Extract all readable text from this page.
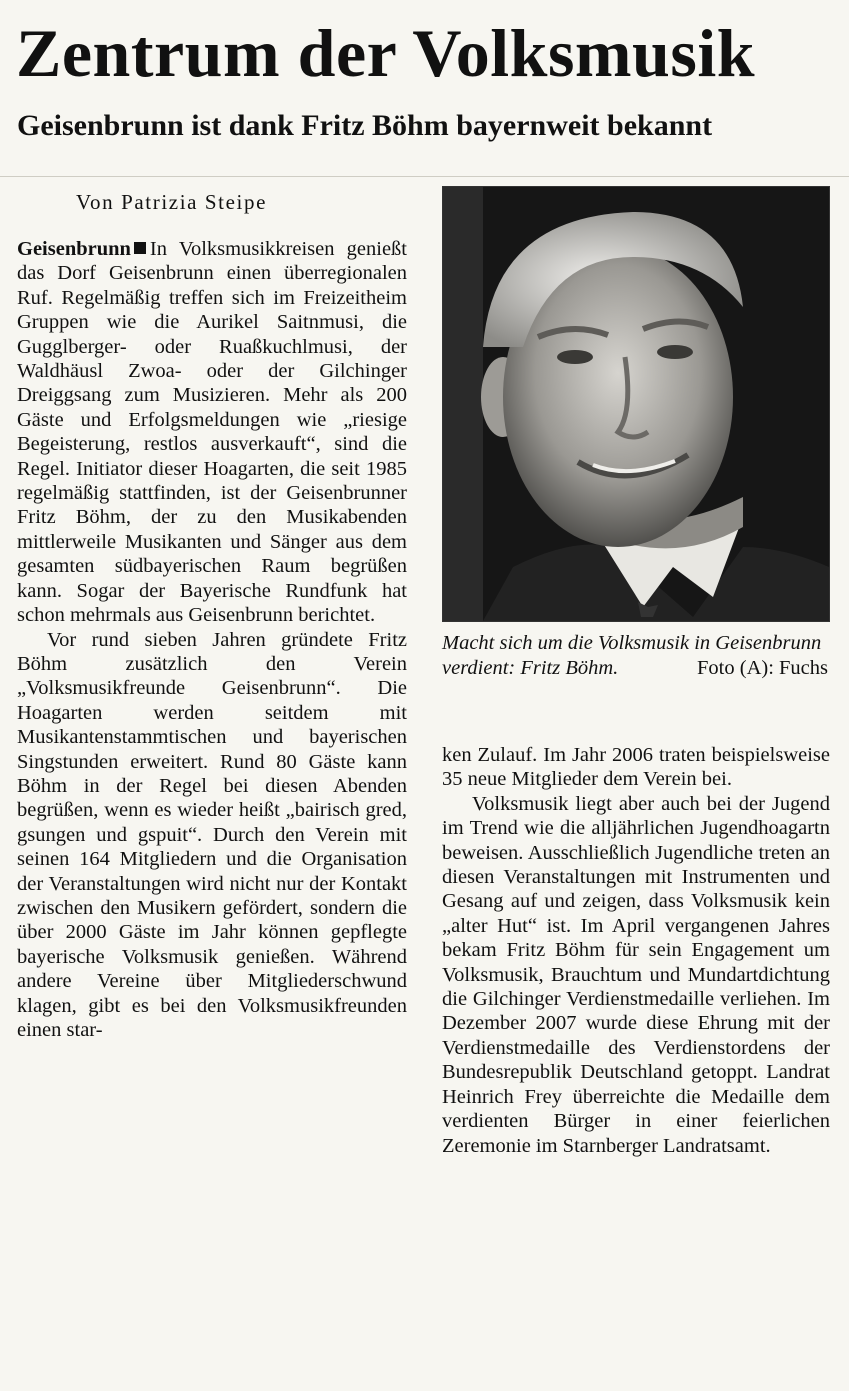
Zentrum der Volksmusik
Geisenbrunn ist dank Fritz Böhm bayernweit bekannt
Von Patrizia Steipe

Geisenbrunn In Volksmusikkreisen genießt das Dorf Geisenbrunn einen überregionalen Ruf. Regelmäßig treffen sich im Freizeitheim Gruppen wie die Aurikel Saitnmusi, die Gugglberger- oder Ruaßkuchlmusi, der Waldhäusl Zwoa- oder der Gilchinger Dreiggsang zum Musizieren. Mehr als 200 Gäste und Erfolgsmeldungen wie „riesige Begeisterung, restlos ausverkauft“, sind die Regel. Initiator dieser Hoagarten, die seit 1985 regelmäßig stattfinden, ist der Geisenbrunner Fritz Böhm, der zu den Musikabenden mittlerweile Musikanten und Sänger aus dem gesamten südbayerischen Raum begrüßen kann. Sogar der Bayerische Rundfunk hat schon mehrmals aus Geisenbrunn berichtet.

Vor rund sieben Jahren gründete Fritz Böhm zusätzlich den Verein „Volksmusikfreunde Geisenbrunn“. Die Hoagarten werden seitdem mit Musikantenstammtischen und bayerischen Singstunden erweitert. Rund 80 Gäste kann Böhm in der Regel bei diesen Abenden begrüßen, wenn es wieder heißt „bairisch gred, gsungen und gspuit“. Durch den Verein mit seinen 164 Mitgliedern und die Organisation der Veranstaltungen wird nicht nur der Kontakt zwischen den Musikern gefördert, sondern die über 2000 Gäste im Jahr können gepflegte bayerische Volksmusik genießen. Während andere Vereine über Mitgliederschwund klagen, gibt es bei den Volksmusikfreunden einen star-

Macht sich um die Volksmusik in Geisenbrunn verdient: Fritz Böhm.	Foto (A): Fuchs

ken Zulauf. Im Jahr 2006 traten beispielsweise 35 neue Mitglieder dem Verein bei.

Volksmusik liegt aber auch bei der Jugend im Trend wie die alljährlichen Jugendhoagartn beweisen. Ausschließlich Jugendliche treten an diesen Veranstaltungen mit Instrumenten und Gesang auf und zeigen, dass Volksmusik kein „alter Hut“ ist. Im April vergangenen Jahres bekam Fritz Böhm für sein Engagement um Volksmusik, Brauchtum und Mundartdichtung die Gilchinger Verdienstmedaille verliehen. Im Dezember 2007 wurde diese Ehrung mit der Verdienstmedaille des Verdienstordens der Bundesrepublik Deutschland getoppt. Landrat Heinrich Frey überreichte die Medaille dem verdienten Bürger in einer feierlichen Zeremonie im Starnberger Landratsamt.
